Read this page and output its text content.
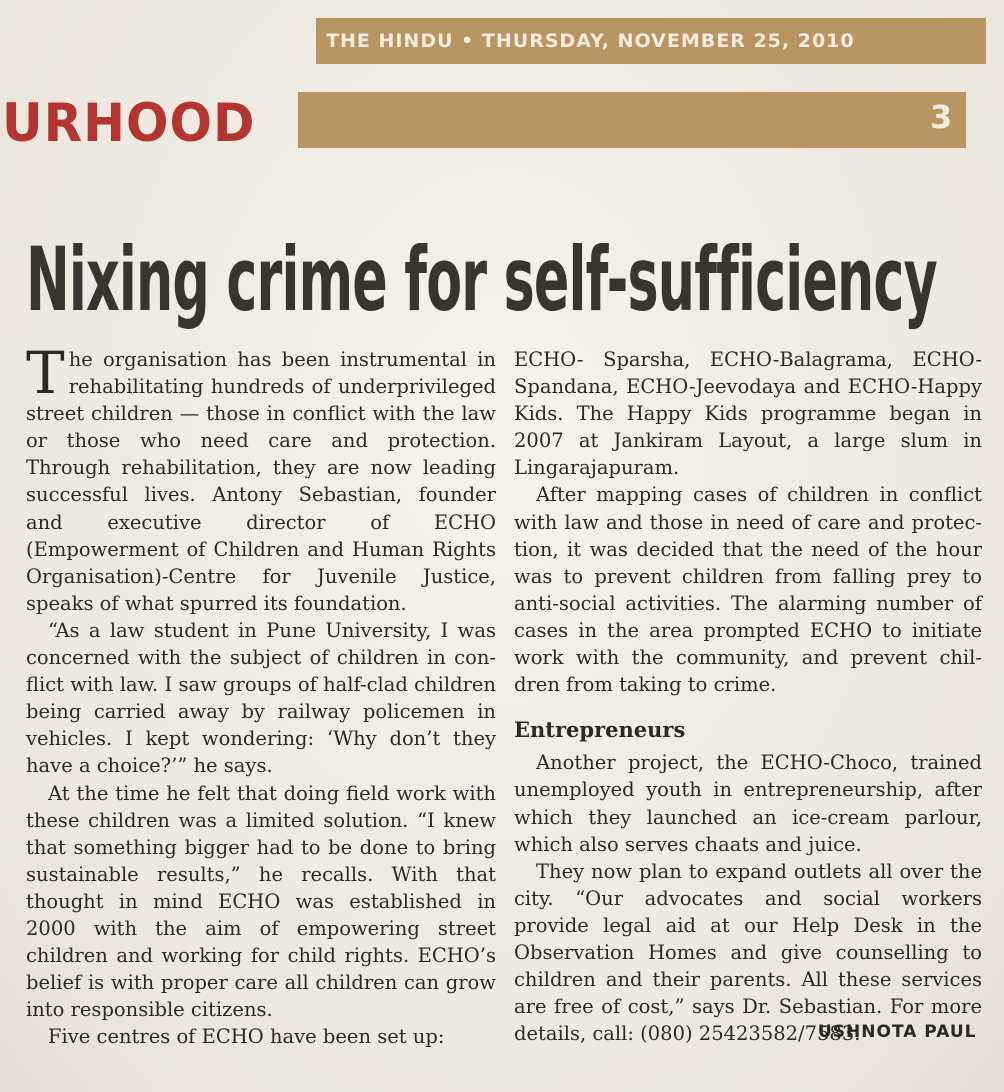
THE HINDU • THURSDAY, NOVEMBER 25, 2010
URHOOD	3
Nixing crime for self-sufficiency

The organisation has been instrumental in rehabilitating hundreds of underprivileged street children — those in conflict with the law or those who need care and protection. Through rehabilitation, they are now leading successful lives. Antony Sebastian, founder and executive director of ECHO (Empowerment of Children and Human Rights Organisation)-Centre for Juvenile Justice, speaks of what spurred its foundation.

“As a law student in Pune University, I was concerned with the subject of children in conflict with law. I saw groups of half-clad children being carried away by railway policemen in vehicles. I kept wondering: ‘Why don’t they have a choice?’” he says.

At the time he felt that doing field work with these children was a limited solution. “I knew that something bigger had to be done to bring sustainable results,” he recalls. With that thought in mind ECHO was established in 2000 with the aim of empowering street children and working for child rights. ECHO’s belief is with proper care all children can grow into responsible citizens.

Five centres of ECHO have been set up:

ECHO- Sparsha, ECHO-Balagrama, ECHO-Spandana, ECHO-Jeevodaya and ECHO-Happy Kids. The Happy Kids programme began in 2007 at Jankiram Layout, a large slum in Lingarajapuram.

After mapping cases of children in conflict with law and those in need of care and protection, it was decided that the need of the hour was to prevent children from falling prey to anti-social activities. The alarming number of cases in the area prompted ECHO to initiate work with the community, and prevent children from taking to crime.

Entrepreneurs

Another project, the ECHO-Choco, trained unemployed youth in entrepreneurship, after which they launched an ice-cream parlour, which also serves chaats and juice.

They now plan to expand outlets all over the city. “Our advocates and social workers provide legal aid at our Help Desk in the Observation Homes and give counselling to children and their parents. All these services are free of cost,” says Dr. Sebastian. For more details, call: (080) 25423582/7583.

USHNOTA PAUL
